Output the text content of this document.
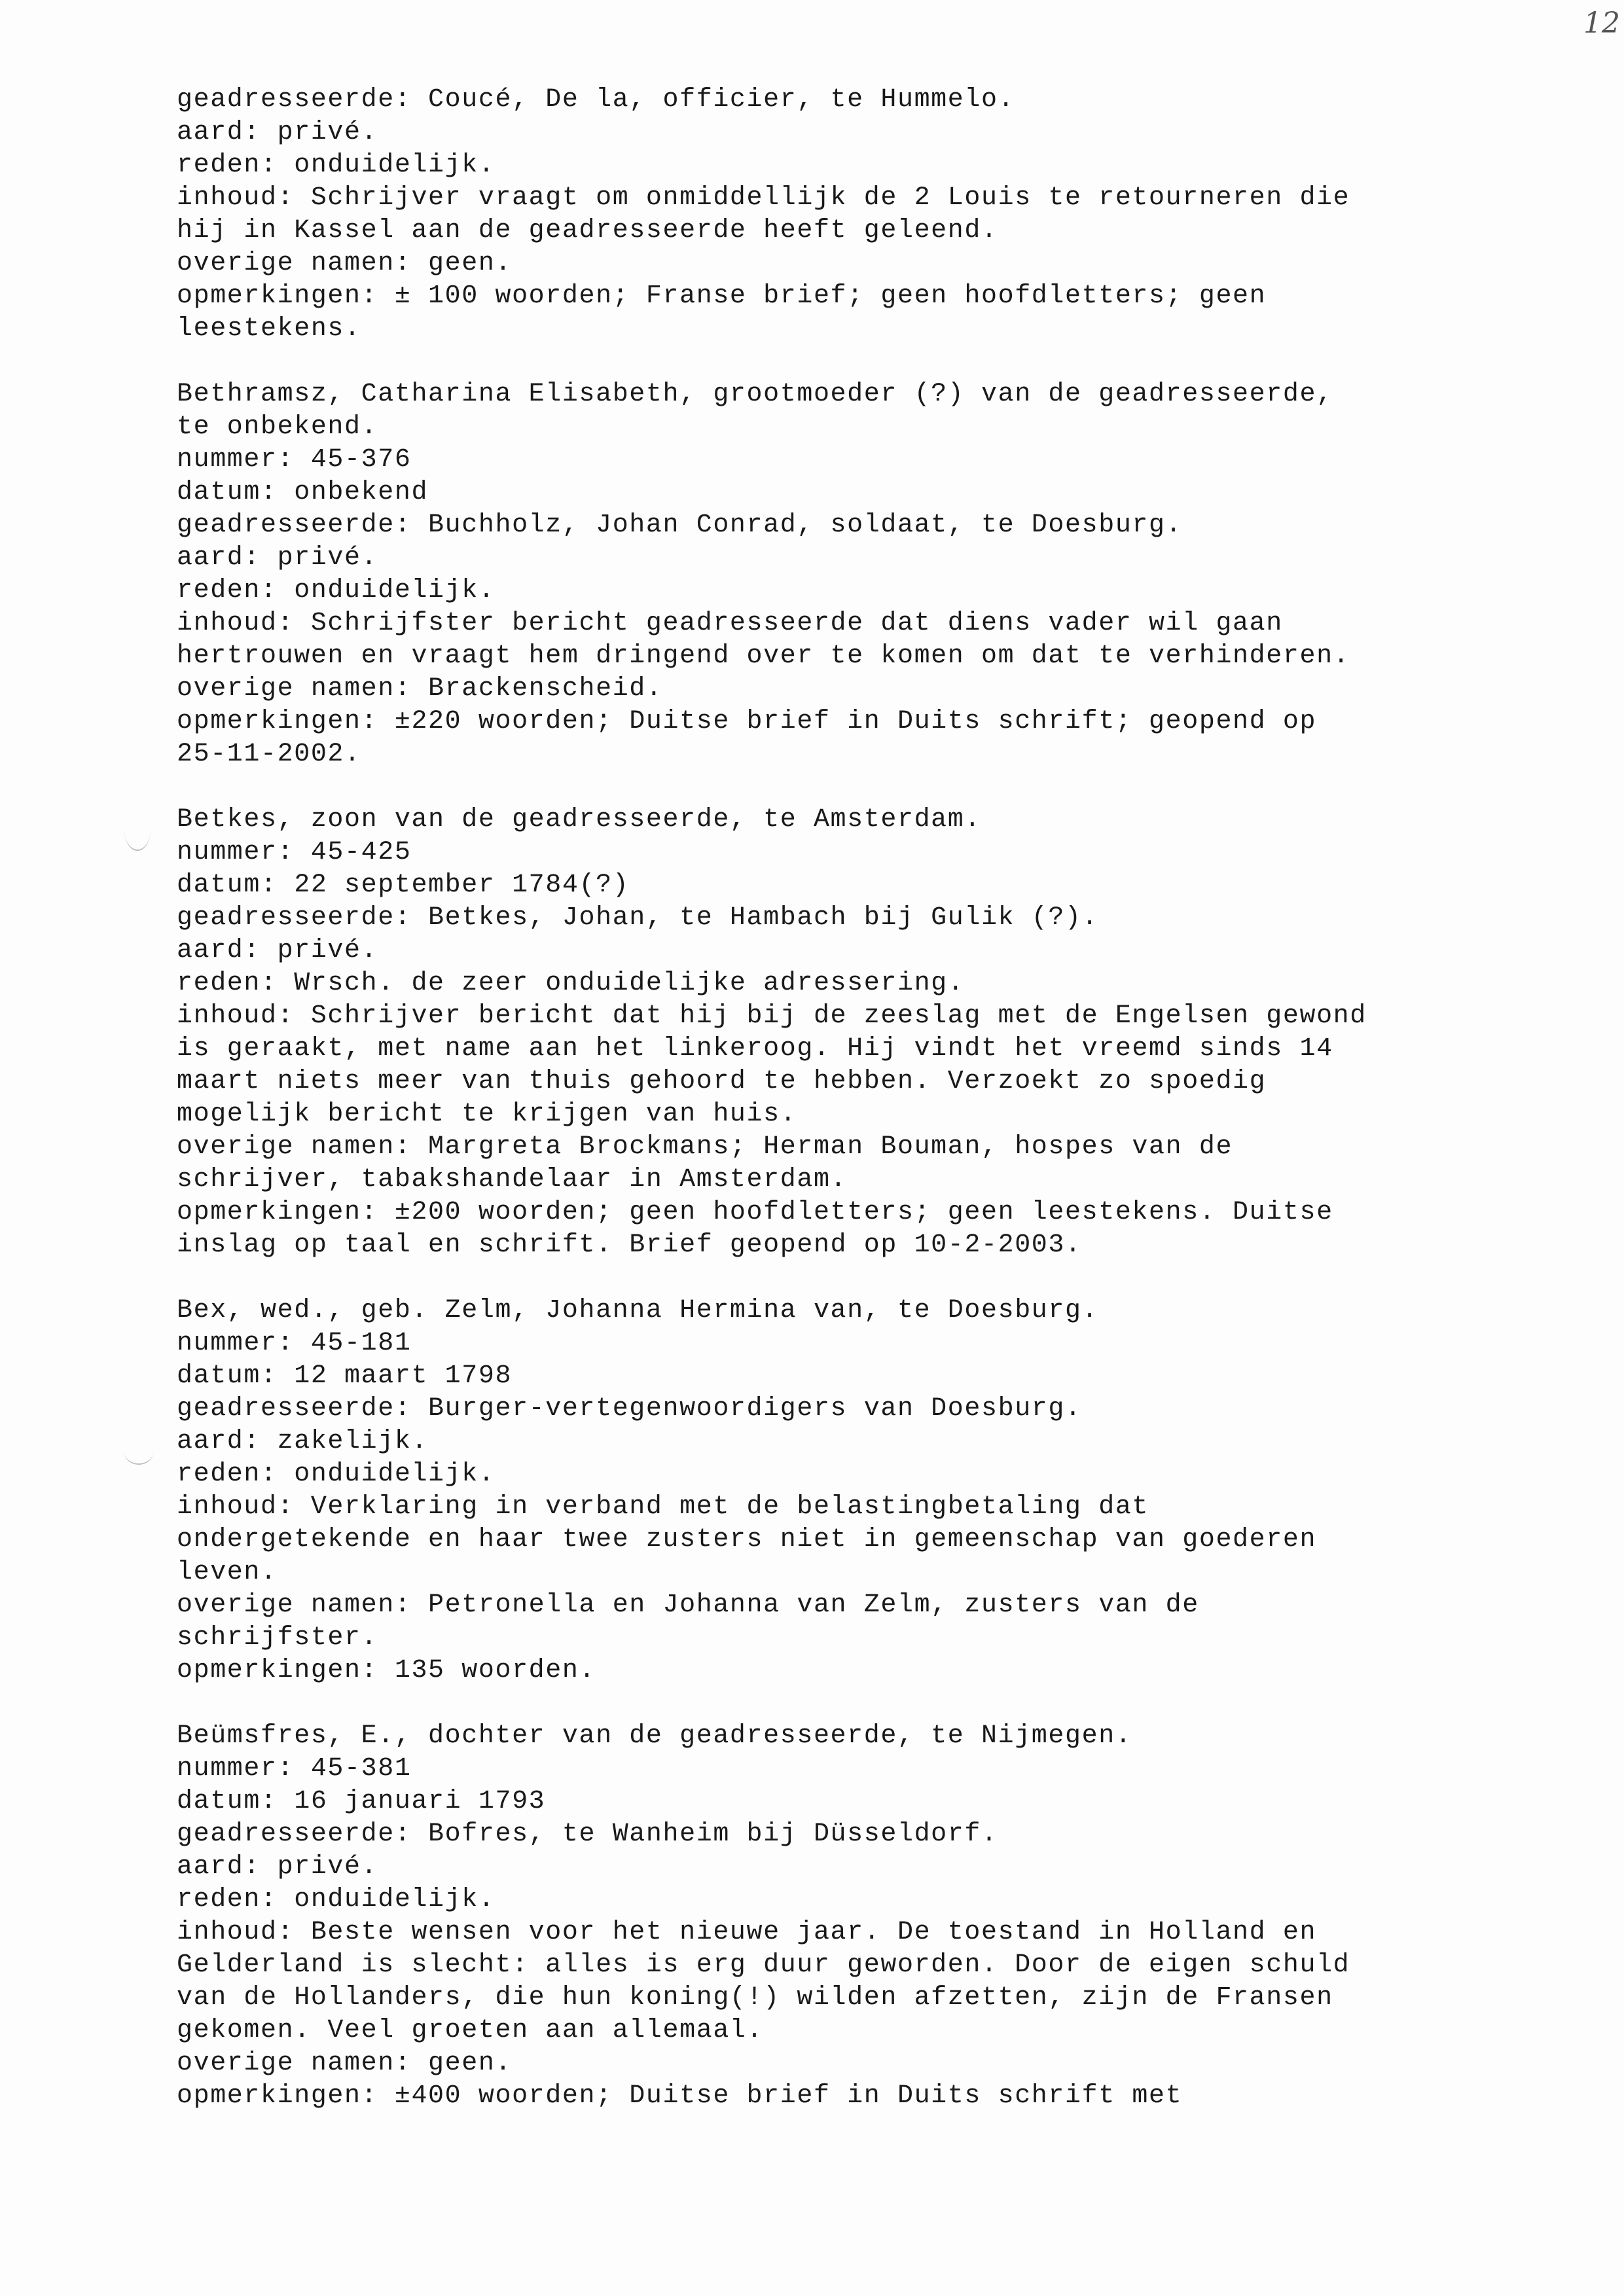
12
geadresseerde: Coucé, De la, officier, te Hummelo.
aard: privé.
reden: onduidelijk.
inhoud: Schrijver vraagt om onmiddellijk de 2 Louis te retourneren die
hij in Kassel aan de geadresseerde heeft geleend.
overige namen: geen.
opmerkingen: ± 100 woorden; Franse brief; geen hoofdletters; geen
leestekens.
Bethramsz, Catharina Elisabeth, grootmoeder (?) van de geadresseerde,
te onbekend.
nummer: 45-376
datum: onbekend
geadresseerde: Buchholz, Johan Conrad, soldaat, te Doesburg.
aard: privé.
reden: onduidelijk.
inhoud: Schrijfster bericht geadresseerde dat diens vader wil gaan
hertrouwen en vraagt hem dringend over te komen om dat te verhinderen.
overige namen: Brackenscheid.
opmerkingen: ±220 woorden; Duitse brief in Duits schrift; geopend op
25-11-2002.
Betkes, zoon van de geadresseerde, te Amsterdam.
nummer: 45-425
datum: 22 september 1784(?)
geadresseerde: Betkes, Johan, te Hambach bij Gulik (?).
aard: privé.
reden: Wrsch. de zeer onduidelijke adressering.
inhoud: Schrijver bericht dat hij bij de zeeslag met de Engelsen gewond
is geraakt, met name aan het linkeroog. Hij vindt het vreemd sinds 14
maart niets meer van thuis gehoord te hebben. Verzoekt zo spoedig
mogelijk bericht te krijgen van huis.
overige namen: Margreta Brockmans; Herman Bouman, hospes van de
schrijver, tabakshandelaar in Amsterdam.
opmerkingen: ±200 woorden; geen hoofdletters; geen leestekens. Duitse
inslag op taal en schrift. Brief geopend op 10-2-2003.
Bex, wed., geb. Zelm, Johanna Hermina van, te Doesburg.
nummer: 45-181
datum: 12 maart 1798
geadresseerde: Burger-vertegenwoordigers van Doesburg.
aard: zakelijk.
reden: onduidelijk.
inhoud: Verklaring in verband met de belastingbetaling dat
ondergetekende en haar twee zusters niet in gemeenschap van goederen
leven.
overige namen: Petronella en Johanna van Zelm, zusters van de
schrijfster.
opmerkingen: 135 woorden.
Beümsfres, E., dochter van de geadresseerde, te Nijmegen.
nummer: 45-381
datum: 16 januari 1793
geadresseerde: Bofres, te Wanheim bij Düsseldorf.
aard: privé.
reden: onduidelijk.
inhoud: Beste wensen voor het nieuwe jaar. De toestand in Holland en
Gelderland is slecht: alles is erg duur geworden. Door de eigen schuld
van de Hollanders, die hun koning(!) wilden afzetten, zijn de Fransen
gekomen. Veel groeten aan allemaal.
overige namen: geen.
opmerkingen: ±400 woorden; Duitse brief in Duits schrift met
